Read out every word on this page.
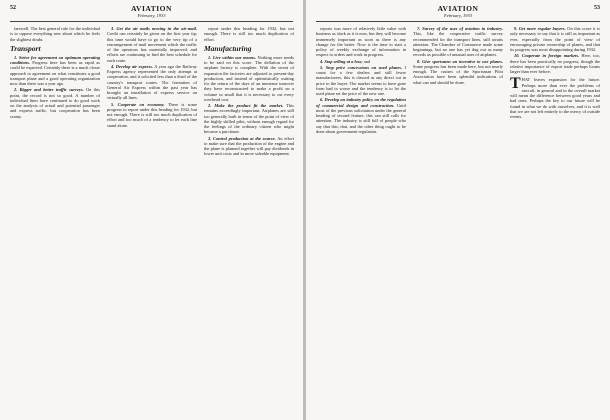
52	AVIATION
February, 1933

farewell. The best general rule for the individual is to oppose everything new about which he feels the slightest doubt.

Transport

1. Strive for agreement on optimum operating conditions. Progress here has been as rapid as could be expected. Certainly there is a much closer approach to agreement on what constitutes a good transport plane and a good operating organization now than there was a year ago.

2. Bigger and better traffic surveys. On this point, the record is not so good. A number of individual lines have continued to do good work on the analysis of actual and potential passenger and express traffic, but cooperation has been scanty.

3. Get the air mails moving in the air-mail. Credit can certainly be given on the first year tip; this time would have to go to the very tip of a rearrangement of mail movement which the traffic of the operators has materially improved, and efforts are continuing to find the best schedule for each route.

4. Develop air express. A year ago the Railway Express agency represented the only attempt at cooperation, and it solicited less than a third of the country's transport routes. The formation of General Air Express within the past year has brought an installation of express service on virtually all lines.

5. Cooperate on economy. There is some progress to report under this heading for 1932, but not enough. There is still too much duplication of effort and too much of a tendency to let each line stand alone.

report under this heading for 1932, but not enough. There is still too much duplication of effort.

Manufacturing

1. Live within our means. Nothing more needs to be said on this score. The deflation of the airplane factory is complete. With the sweat of expansion the factories are adjusted to present-day production, and instead of optimistically waiting for the return of the days of an immense turnover they have reconstructed to make a profit on a volume so small that it is necessary to cut every overhead cost.

2. Make the product fit the market. This remains exceedingly important. Airplanes are still too generally built in terms of the point of view of the highly skilled pilot, without enough regard for the feelings of the ordinary citizen who might become a purchaser.

3. Control production at the source. An effort to make sure that the production of the engine and the plane is planned together will pay dividends in lower unit costs and in more saleable equipment.

53
AVIATION
February, 1933

reports was more of relatively little value with business as slack as it is now, but they will become immensely important as soon as there is any change for the better. Now is the time to start a policy of weekly exchange of information in respect to orders and work in progress.

4. Stop selling at a loss; and

5. Stop price concessions on used planes. I count for a few dealers and still fewer manufacturers, this is classed as any direct cut in price to the buyer. The market seems to have gone from bad to worse and the tendency is to let the used plane set the price of the new one.

6. Develop an industry policy on the regulation of commercial design and construction. Until most of the previous solicitation under the general heading of second feature, this can still calls for attention. The industry is still full of people who say that this, that, and the other thing ought to be done about government regulation.

7. Survey of the uses of aviation in industry. This, like the cooperative traffic survey recommended for the transport lines, still awaits attention. The Chamber of Commerce made some beginnings, but no one has yet dug out as many records as possible of unusual uses of airplanes.

8. Give sportsmen an incentive to use planes. Some progress has been made here, but not nearly enough. The cruises of the Sportsman Pilot Association have been splendid indications of what can and should be done.

9. Get more regular buyers. On this score it is only necessary to say that it is still as important as ever, especially from the point of view of encouraging private ownership of planes, and that its progress was most disappointing during 1932.

10. Cooperate in foreign markets. Here, too, there has been practically no progress, though the relative importance of export trade perhaps looms larger than ever before.

THAT leaves expansion for the future. Perhaps more than ever the problems of aircraft, in general and in the overall market will mean the difference between good years and bad ones. Perhaps the key to our future will be found in what we do with ourselves, and it is well that we are not left entirely to the mercy of outside events.
